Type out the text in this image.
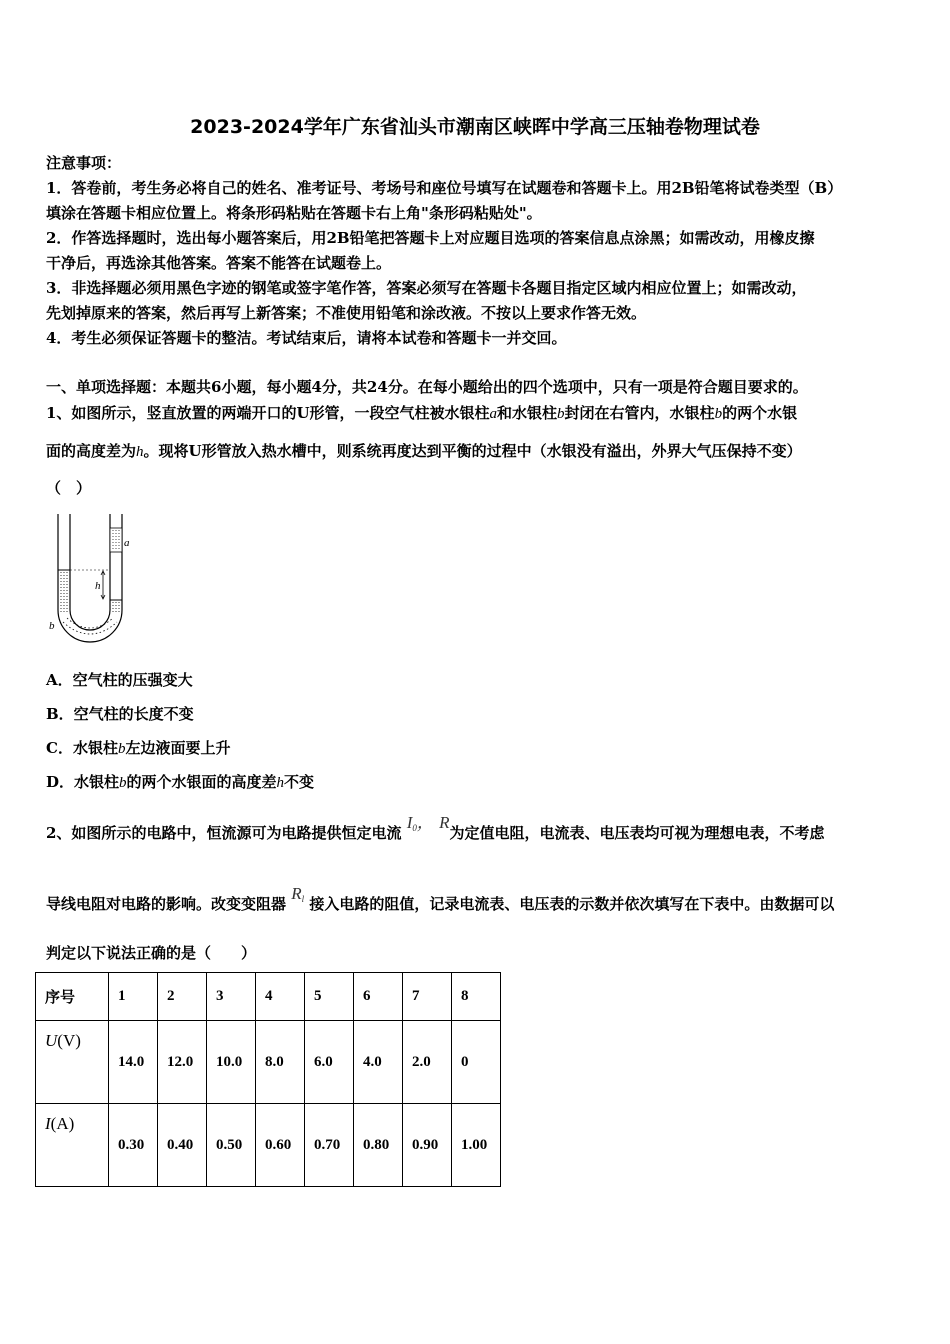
2023-2024学年广东省汕头市潮南区峡晖中学高三压轴卷物理试卷
注意事项：
1．答卷前，考生务必将自己的姓名、准考证号、考场号和座位号填写在试题卷和答题卡上。用2B铅笔将试卷类型（B）
填涂在答题卡相应位置上。将条形码粘贴在答题卡右上角"条形码粘贴处"。
2．作答选择题时，选出每小题答案后，用2B铅笔把答题卡上对应题目选项的答案信息点涂黑；如需改动，用橡皮擦
干净后，再选涂其他答案。答案不能答在试题卷上。
3．非选择题必须用黑色字迹的钢笔或签字笔作答，答案必须写在答题卡各题目指定区域内相应位置上；如需改动，
先划掉原来的答案，然后再写上新答案；不准使用铅笔和涂改液。不按以上要求作答无效。
4．考生必须保证答题卡的整洁。考试结束后，请将本试卷和答题卡一并交回。
一、单项选择题：本题共6小题，每小题4分，共24分。在每小题给出的四个选项中，只有一项是符合题目要求的。
1、如图所示，竖直放置的两端开口的U形管，一段空气柱被水银柱a和水银柱b封闭在右管内，水银柱b的两个水银
面的高度差为h。现将U形管放入热水槽中，则系统再度达到平衡的过程中（水银没有溢出，外界大气压保持不变）
（　）
a
h
b
A．空气柱的压强变大
B．空气柱的长度不变
C．水银柱b左边液面要上升
D．水银柱b的两个水银面的高度差h不变
2、如图所示的电路中，恒流源可为电路提供恒定电流 $I_0$， R为定值电阻，电流表、电压表均可视为理想电表，不考虑
导线电阻对电路的影响。改变变阻器 $R_l$ 接入电路的阻值，记录电流表、电压表的示数并依次填写在下表中。由数据可以
判定以下说法正确的是（　　）
序号	1	2	3	4	5	6	7	8
U(V)	14.0	12.0	10.0	8.0	6.0	4.0	2.0	0
I(A)	0.30	0.40	0.50	0.60	0.70	0.80	0.90	1.00
